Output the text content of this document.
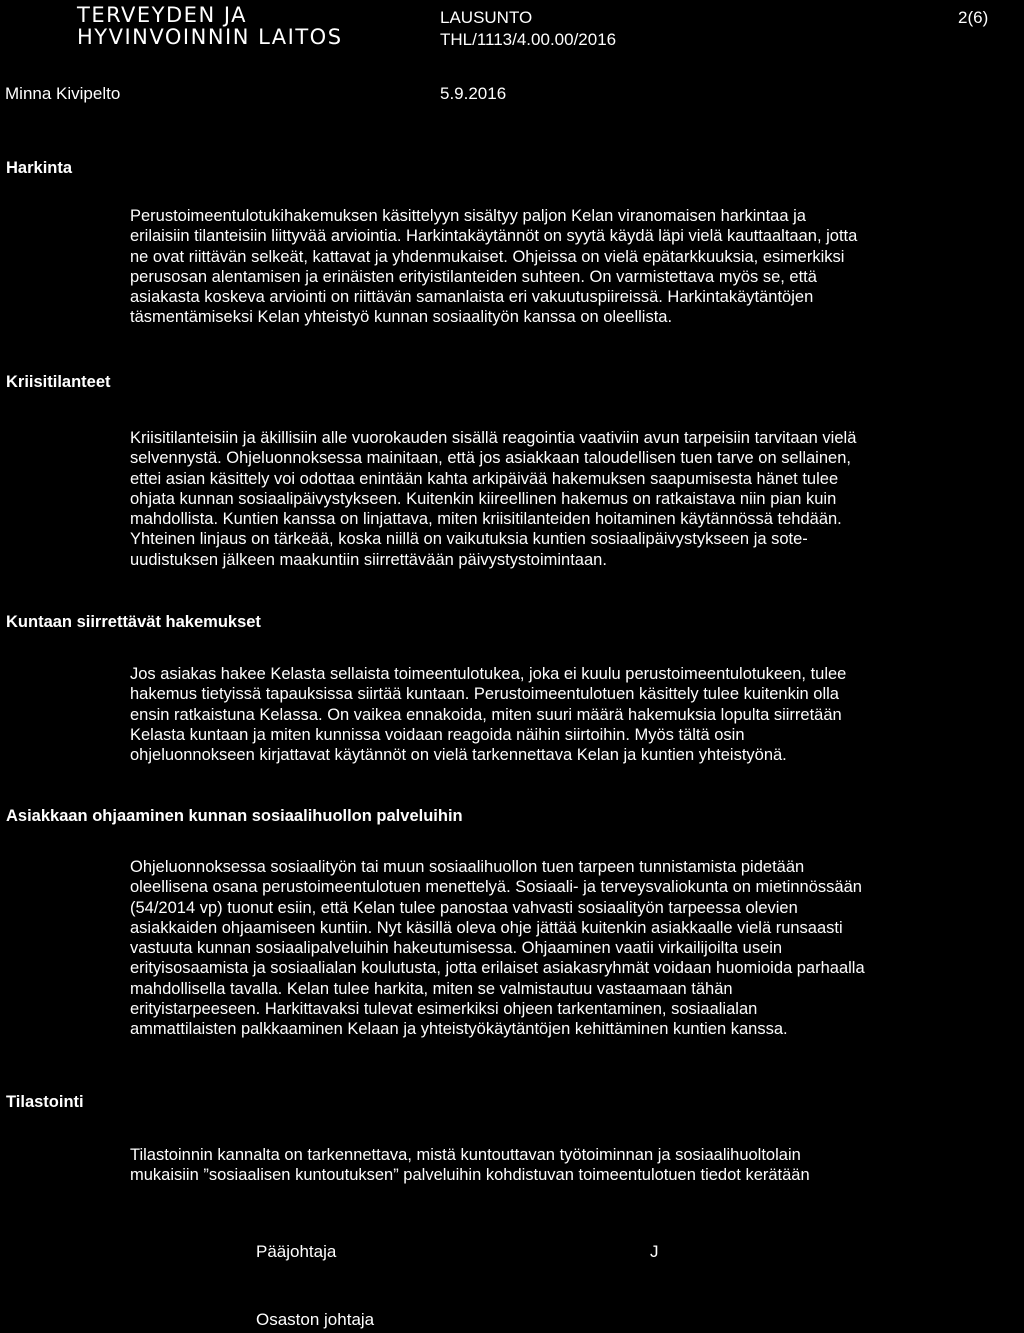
TERVEYDEN JA
HYVINVOINNIN LAITOS
LAUSUNTO
THL/1113/4.00.00/2016
2(6)
Minna Kivipelto	5.9.2016
Harkinta
Perustoimeentulotukihakemuksen käsittelyyn sisältyy paljon Kelan viranomaisen harkintaa ja
erilaisiin tilanteisiin liittyvää arviointia. Harkintakäytännöt on syytä käydä läpi vielä kauttaaltaan, jotta
ne ovat riittävän selkeät, kattavat ja yhdenmukaiset. Ohjeissa on vielä epätarkkuuksia, esimerkiksi
perusosan alentamisen ja erinäisten erityistilanteiden suhteen. On varmistettava myös se, että
asiakasta koskeva arviointi on riittävän samanlaista eri vakuutuspiireissä. Harkintakäytäntöjen
täsmentämiseksi Kelan yhteistyö kunnan sosiaalityön kanssa on oleellista.
Kriisitilanteet
Kriisitilanteisiin ja äkillisiin alle vuorokauden sisällä reagointia vaativiin avun tarpeisiin tarvitaan vielä
selvennystä. Ohjeluonnoksessa mainitaan, että jos asiakkaan taloudellisen tuen tarve on sellainen,
ettei asian käsittely voi odottaa enintään kahta arkipäivää hakemuksen saapumisesta hänet tulee
ohjata kunnan sosiaalipäivystykseen. Kuitenkin kiireellinen hakemus on ratkaistava niin pian kuin
mahdollista. Kuntien kanssa on linjattava, miten kriisitilanteiden hoitaminen käytännössä tehdään.
Yhteinen linjaus on tärkeää, koska niillä on vaikutuksia kuntien sosiaalipäivystykseen ja sote-
uudistuksen jälkeen maakuntiin siirrettävään päivystystoimintaan.
Kuntaan siirrettävät hakemukset
Jos asiakas hakee Kelasta sellaista toimeentulotukea, joka ei kuulu perustoimeentulotukeen, tulee
hakemus tietyissä tapauksissa siirtää kuntaan. Perustoimeentulotuen käsittely tulee kuitenkin olla
ensin ratkaistuna Kelassa. On vaikea ennakoida, miten suuri määrä hakemuksia lopulta siirretään
Kelasta kuntaan ja miten kunnissa voidaan reagoida näihin siirtoihin. Myös tältä osin
ohjeluonnokseen kirjattavat käytännöt on vielä tarkennettava Kelan ja kuntien yhteistyönä.
Asiakkaan ohjaaminen kunnan sosiaalihuollon palveluihin
Ohjeluonnoksessa sosiaalityön tai muun sosiaalihuollon tuen tarpeen tunnistamista pidetään
oleellisena osana perustoimeentulotuen menettelyä. Sosiaali- ja terveysvaliokunta on mietinnössään
(54/2014 vp) tuonut esiin, että Kelan tulee panostaa vahvasti sosiaalityön tarpeessa olevien
asiakkaiden ohjaamiseen kuntiin. Nyt käsillä oleva ohje jättää kuitenkin asiakkaalle vielä runsaasti
vastuuta kunnan sosiaalipalveluihin hakeutumisessa. Ohjaaminen vaatii virkailijoilta usein
erityisosaamista ja sosiaalialan koulutusta, jotta erilaiset asiakasryhmät voidaan huomioida parhaalla
mahdollisella tavalla. Kelan tulee harkita, miten se valmistautuu vastaamaan tähän
erityistarpeeseen. Harkittavaksi tulevat esimerkiksi ohjeen tarkentaminen, sosiaalialan
ammattilaisten palkkaaminen Kelaan ja yhteistyökäytäntöjen kehittäminen kuntien kanssa.
Tilastointi
Tilastoinnin kannalta on tarkennettava, mistä kuntouttavan työtoiminnan ja sosiaalihuoltolain
mukaisiin ”sosiaalisen kuntoutuksen” palveluihin kohdistuvan toimeentulotuen tiedot kerätään
Pääjohtaja	J
Osaston johtaja
